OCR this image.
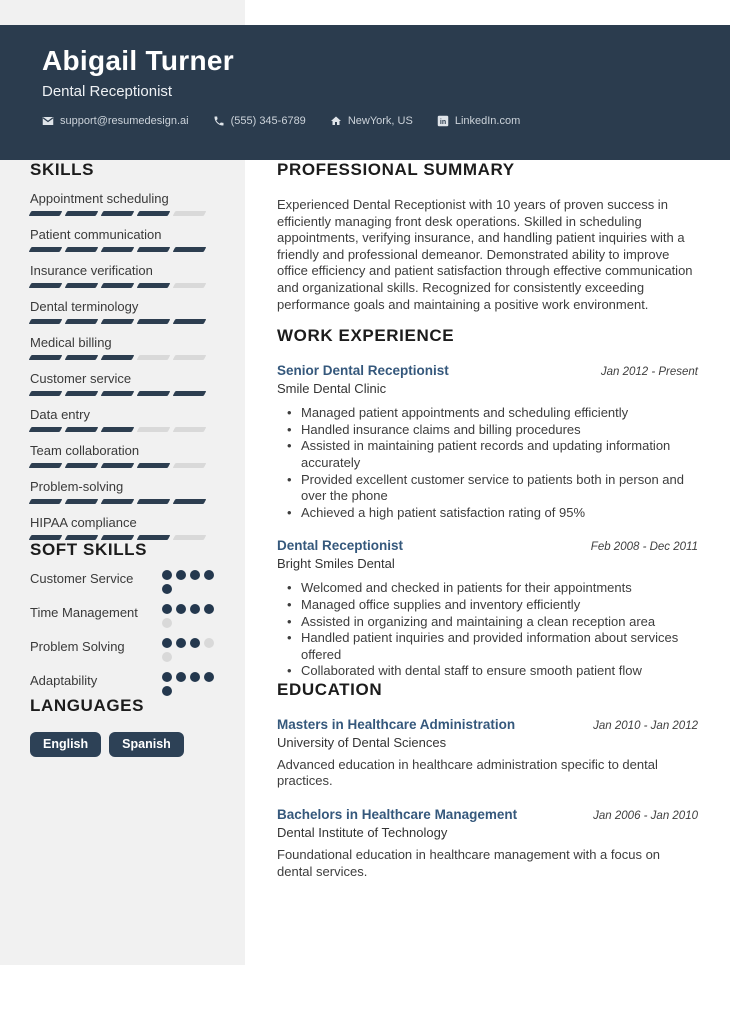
Abigail Turner
Dental Receptionist
support@resumedesign.ai	(555) 345-6789	NewYork, US in LinkedIn.com
SKILLS
Appointment scheduling
Patient communication
Insurance verification
Dental terminology
Medical billing
Customer service
Data entry
Team collaboration
Problem-solving
HIPAA compliance
SOFT SKILLS
Customer Service
Time Management
Problem Solving
Adaptability
LANGUAGES
English	Spanish
PROFESSIONAL SUMMARY

Experienced Dental Receptionist with 10 years of proven success in efficiently managing front desk operations. Skilled in scheduling appointments, verifying insurance, and handling patient inquiries with a friendly and professional demeanor. Demonstrated ability to improve office efficiency and patient satisfaction through effective communication and organizational skills. Recognized for consistently exceeding performance goals and maintaining a positive work environment.

WORK EXPERIENCE
Senior Dental Receptionist	Jan 2012 - Present
Smile Dental Clinic
• Managed patient appointments and scheduling efficiently
• Handled insurance claims and billing procedures
• Assisted in maintaining patient records and updating information accurately
• Provided excellent customer service to patients both in person and over the phone
• Achieved a high patient satisfaction rating of 95%
Dental Receptionist	Feb 2008 - Dec 2011
Bright Smiles Dental
• Welcomed and checked in patients for their appointments
• Managed office supplies and inventory efficiently
• Assisted in organizing and maintaining a clean reception area
• Handled patient inquiries and provided information about services offered
• Collaborated with dental staff to ensure smooth patient flow
EDUCATION
Masters in Healthcare Administration	Jan 2010 - Jan 2012
University of Dental Sciences
Advanced education in healthcare administration specific to dental practices.
Bachelors in Healthcare Management	Jan 2006 - Jan 2010
Dental Institute of Technology
Foundational education in healthcare management with a focus on dental services.
